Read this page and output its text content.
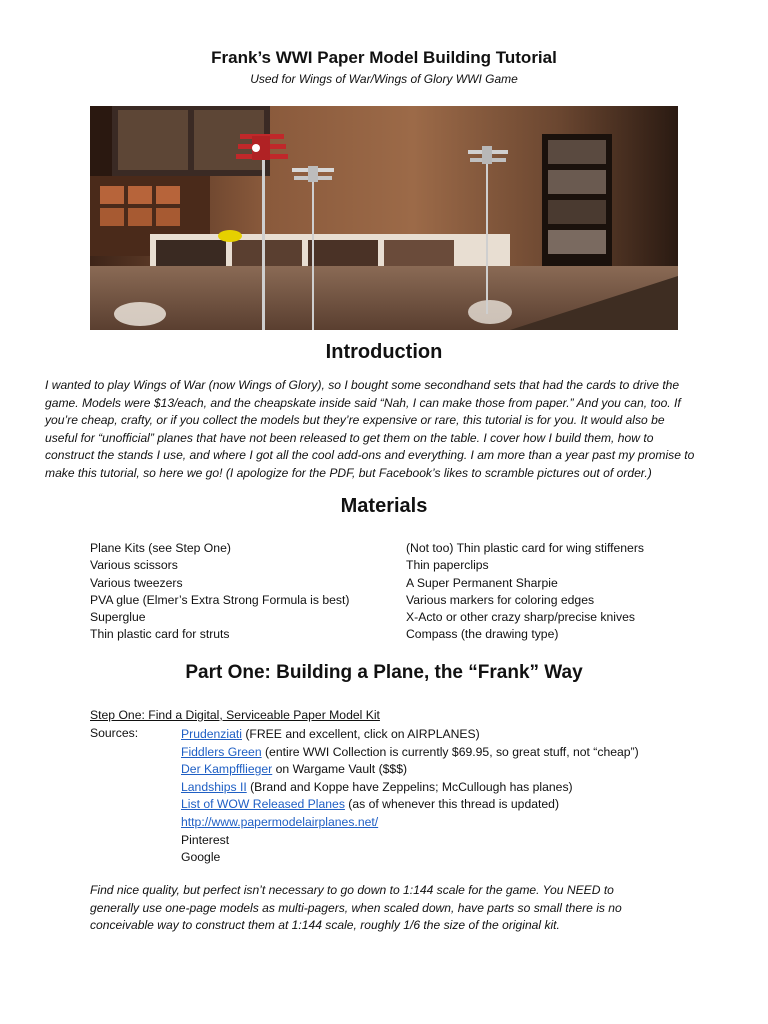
Frank’s WWI Paper Model Building Tutorial
Used for Wings of War/Wings of Glory WWI Game
Introduction
I wanted to play Wings of War (now Wings of Glory), so I bought some secondhand sets that had the cards to drive the
game. Models were $13/each, and the cheapskate inside said “Nah, I can make those from paper.” And you can, too. If
you’re cheap, crafty, or if you collect the models but they’re expensive or rare, this tutorial is for you. It would also be
useful for “unofficial” planes that have not been released to get them on the table. I cover how I build them, how to
construct the stands I use, and where I got all the cool add-ons and everything. I am more than a year past my promise to
make this tutorial, so here we go! (I apologize for the PDF, but Facebook’s likes to scramble pictures out of order.)
Materials
Plane Kits (see Step One)
Various scissors
Various tweezers
PVA glue (Elmer’s Extra Strong Formula is best)
Superglue
Thin plastic card for struts
(Not too) Thin plastic card for wing stiffeners
Thin paperclips
A Super Permanent Sharpie
Various markers for coloring edges
X-Acto or other crazy sharp/precise knives
Compass (the drawing type)
Part One: Building a Plane, the “Frank” Way
Step One: Find a Digital, Serviceable Paper Model Kit
Sources:	Prudenziati (FREE and excellent, click on AIRPLANES)
Fiddlers Green (entire WWI Collection is currently $69.95, so great stuff, not “cheap”)
Der Kampfflieger on Wargame Vault ($$$)
Landships II (Brand and Koppe have Zeppelins; McCullough has planes)
List of WOW Released Planes (as of whenever this thread is updated)
http://www.papermodelairplanes.net/
Pinterest
Google
Find nice quality, but perfect isn’t necessary to go down to 1:144 scale for the game. You NEED to
generally use one-page models as multi-pagers, when scaled down, have parts so small there is no
conceivable way to construct them at 1:144 scale, roughly 1/6 the size of the original kit.
